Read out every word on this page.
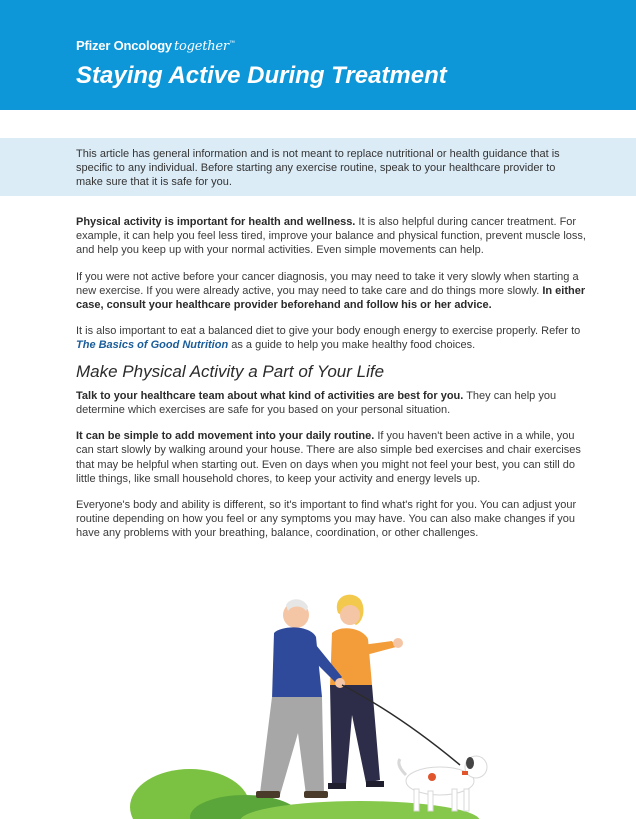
Pfizer Oncology together™
Staying Active During Treatment

This article has general information and is not meant to replace nutritional or health guidance that is specific to any individual. Before starting any exercise routine, speak to your healthcare provider to make sure that it is safe for you.

Physical activity is important for health and wellness. It is also helpful during cancer treatment. For example, it can help you feel less tired, improve your balance and physical function, prevent muscle loss, and help you keep up with your normal activities. Even simple movements can help.

If you were not active before your cancer diagnosis, you may need to take it very slowly when starting a new exercise. If you were already active, you may need to take care and do things more slowly. In either case, consult your healthcare provider beforehand and follow his or her advice.

It is also important to eat a balanced diet to give your body enough energy to exercise properly. Refer to The Basics of Good Nutrition as a guide to help you make healthy food choices.

Make Physical Activity a Part of Your Life

Talk to your healthcare team about what kind of activities are best for you. They can help you determine which exercises are safe for you based on your personal situation.

It can be simple to add movement into your daily routine. If you haven't been active in a while, you can start slowly by walking around your house. There are also simple bed exercises and chair exercises that may be helpful when starting out. Even on days when you might not feel your best, you can still do little things, like small household chores, to keep your activity and energy levels up.

Everyone's body and ability is different, so it's important to find what's right for you. You can adjust your routine depending on how you feel or any symptoms you may have. You can also make changes if you have any problems with your breathing, balance, coordination, or other challenges.
